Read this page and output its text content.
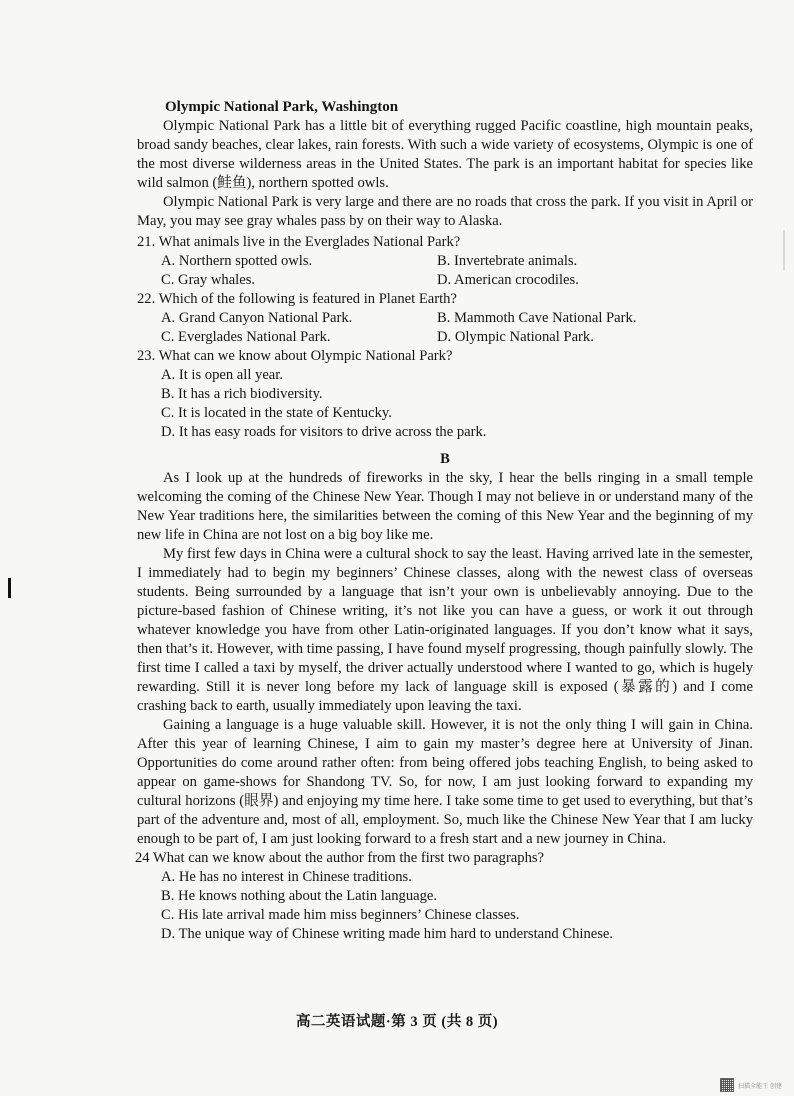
Olympic National Park, Washington

Olympic National Park has a little bit of everything rugged Pacific coastline, high mountain peaks, broad sandy beaches, clear lakes, rain forests. With such a wide variety of ecosystems, Olympic is one of the most diverse wilderness areas in the United States. The park is an important habitat for species like wild salmon (鲑鱼), northern spotted owls.

Olympic National Park is very large and there are no roads that cross the park. If you visit in April or May, you may see gray whales pass by on their way to Alaska.

21. What animals live in the Everglades National Park?

A. Northern spotted owls.	B. Invertebrate animals.
C. Gray whales.	D. American crocodiles.

22. Which of the following is featured in Planet Earth?

A. Grand Canyon National Park.	B. Mammoth Cave National Park.
C. Everglades National Park.	D. Olympic National Park.

23. What can we know about Olympic National Park?

A. It is open all year.
B. It has a rich biodiversity.
C. It is located in the state of Kentucky.
D. It has easy roads for visitors to drive across the park.
B

As I look up at the hundreds of fireworks in the sky, I hear the bells ringing in a small temple welcoming the coming of the Chinese New Year. Though I may not believe in or understand many of the New Year traditions here, the similarities between the coming of this New Year and the beginning of my new life in China are not lost on a big boy like me.

My first few days in China were a cultural shock to say the least. Having arrived late in the semester, I immediately had to begin my beginners’ Chinese classes, along with the newest class of overseas students. Being surrounded by a language that isn’t your own is unbelievably annoying. Due to the picture-based fashion of Chinese writing, it’s not like you can have a guess, or work it out through whatever knowledge you have from other Latin-originated languages. If you don’t know what it says, then that’s it. However, with time passing, I have found myself progressing, though painfully slowly. The first time I called a taxi by myself, the driver actually understood where I wanted to go, which is hugely rewarding. Still it is never long before my lack of language skill is exposed (暴露的) and I come crashing back to earth, usually immediately upon leaving the taxi.

Gaining a language is a huge valuable skill. However, it is not the only thing I will gain in China. After this year of learning Chinese, I aim to gain my master’s degree here at University of Jinan. Opportunities do come around rather often: from being offered jobs teaching English, to being asked to appear on game-shows for Shandong TV. So, for now, I am just looking forward to expanding my cultural horizons (眼界) and enjoying my time here. I take some time to get used to everything, but that’s part of the adventure and, most of all, employment. So, much like the Chinese New Year that I am lucky enough to be part of, I am just looking forward to a fresh start and a new journey in China.

24 What can we know about the author from the first two paragraphs?

A. He has no interest in Chinese traditions.
B. He knows nothing about the Latin language.
C. His late arrival made him miss beginners’ Chinese classes.
D. The unique way of Chinese writing made him hard to understand Chinese.
高二英语试题·第 3 页 (共 8 页)
扫描全能王 创建
